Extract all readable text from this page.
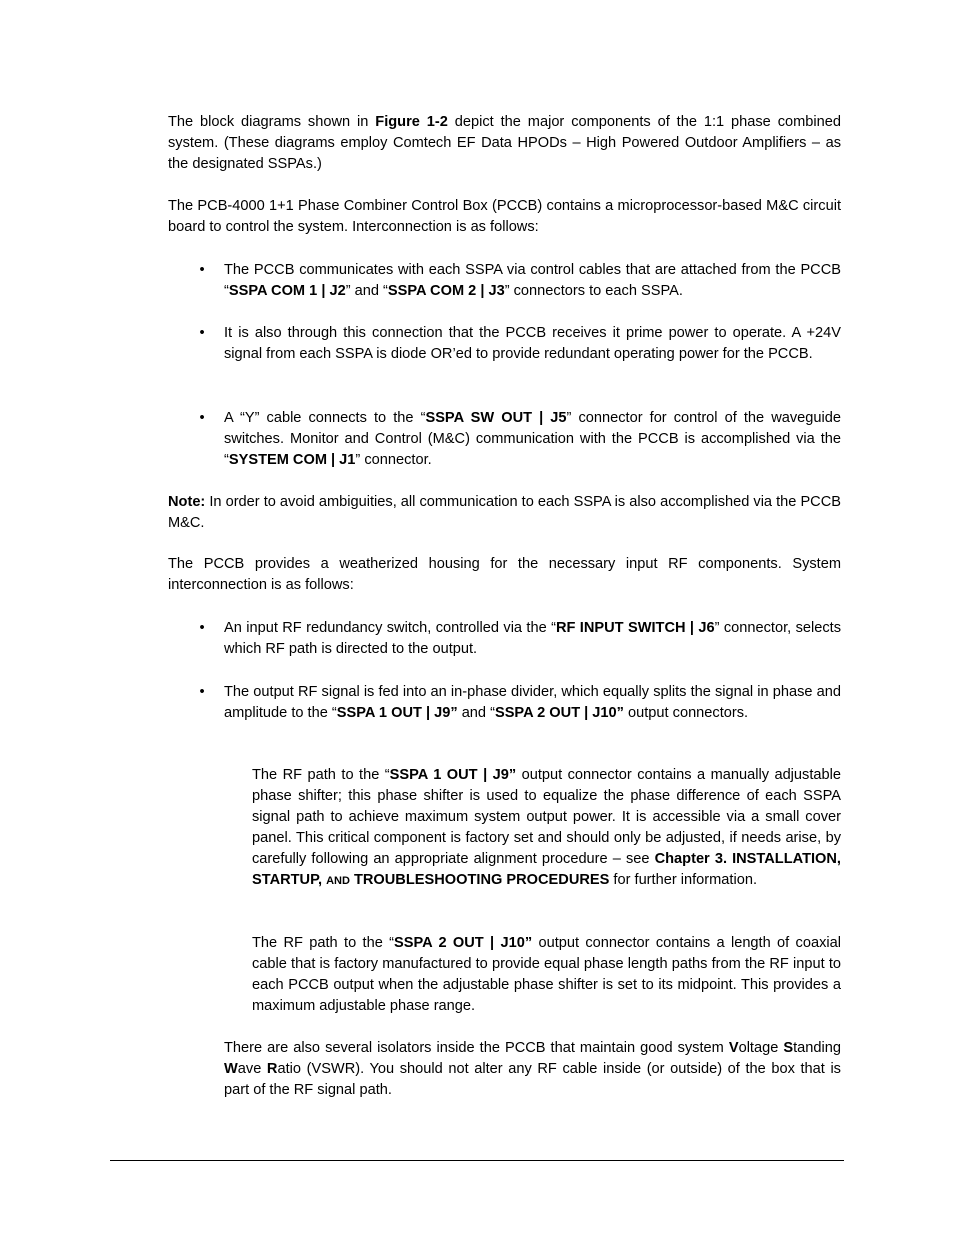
The block diagrams shown in Figure 1-2 depict the major components of the 1:1 phase combined system. (These diagrams employ Comtech EF Data HPODs – High Powered Outdoor Amplifiers – as the designated SSPAs.)

The PCB-4000 1+1 Phase Combiner Control Box (PCCB) contains a microprocessor-based M&C circuit board to control the system. Interconnection is as follows:

• The PCCB communicates with each SSPA via control cables that are attached from the PCCB “SSPA COM 1 | J2” and “SSPA COM 2 | J3” connectors to each SSPA.
• It is also through this connection that the PCCB receives it prime power to operate. A +24V signal from each SSPA is diode OR’ed to provide redundant operating power for the PCCB.
• A “Y” cable connects to the “SSPA SW OUT | J5” connector for control of the waveguide switches. Monitor and Control (M&C) communication with the PCCB is accomplished via the “SYSTEM COM | J1” connector.

Note: In order to avoid ambiguities, all communication to each SSPA is also accomplished via the PCCB M&C.

The PCCB provides a weatherized housing for the necessary input RF components. System interconnection is as follows:

• An input RF redundancy switch, controlled via the “RF INPUT SWITCH | J6” connector, selects which RF path is directed to the output.
• The output RF signal is fed into an in-phase divider, which equally splits the signal in phase and amplitude to the “SSPA 1 OUT | J9” and “SSPA 2 OUT | J10” output connectors.

The RF path to the “SSPA 1 OUT | J9” output connector contains a manually adjustable phase shifter; this phase shifter is used to equalize the phase difference of each SSPA signal path to achieve maximum system output power. It is accessible via a small cover panel. This critical component is factory set and should only be adjusted, if needs arise, by carefully following an appropriate alignment procedure – see Chapter 3. INSTALLATION, STARTUP, AND TROUBLESHOOTING PROCEDURES for further information.

The RF path to the “SSPA 2 OUT | J10” output connector contains a length of coaxial cable that is factory manufactured to provide equal phase length paths from the RF input to each PCCB output when the adjustable phase shifter is set to its midpoint. This provides a maximum adjustable phase range.

There are also several isolators inside the PCCB that maintain good system Voltage Standing Wave Ratio (VSWR). You should not alter any RF cable inside (or outside) of the box that is part of the RF signal path.
